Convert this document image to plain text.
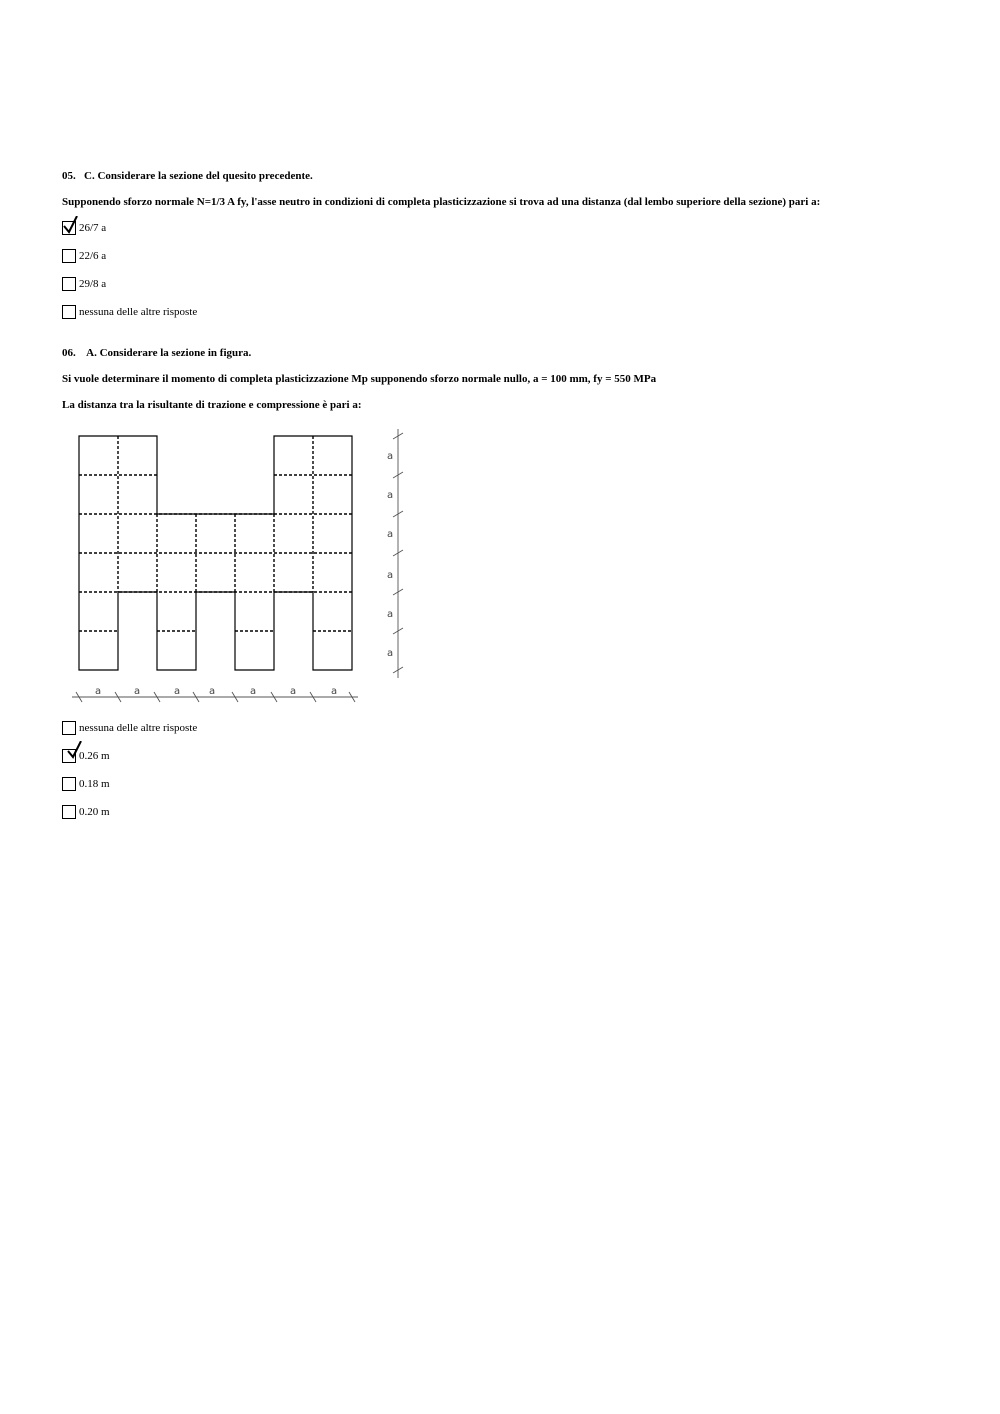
05. C. Considerare la sezione del quesito precedente.
Supponendo sforzo normale N=1/3 A fy, l'asse neutro in condizioni di completa plasticizzazione si trova ad una distanza (dal lembo superiore della sezione) pari a:
26/7 a
22/6 a
29/8 a
nessuna delle altre risposte
06. A. Considerare la sezione in figura.
Si vuole determinare il momento di completa plasticizzazione Mp supponendo sforzo normale nullo, a = 100 mm, fy = 550 MPa
La distanza tra la risultante di trazione e compressione è pari a:
a	a	a	a	a	a	a
a
a
a
a
a
a
nessuna delle altre risposte
0.26 m
0.18 m
0.20 m
